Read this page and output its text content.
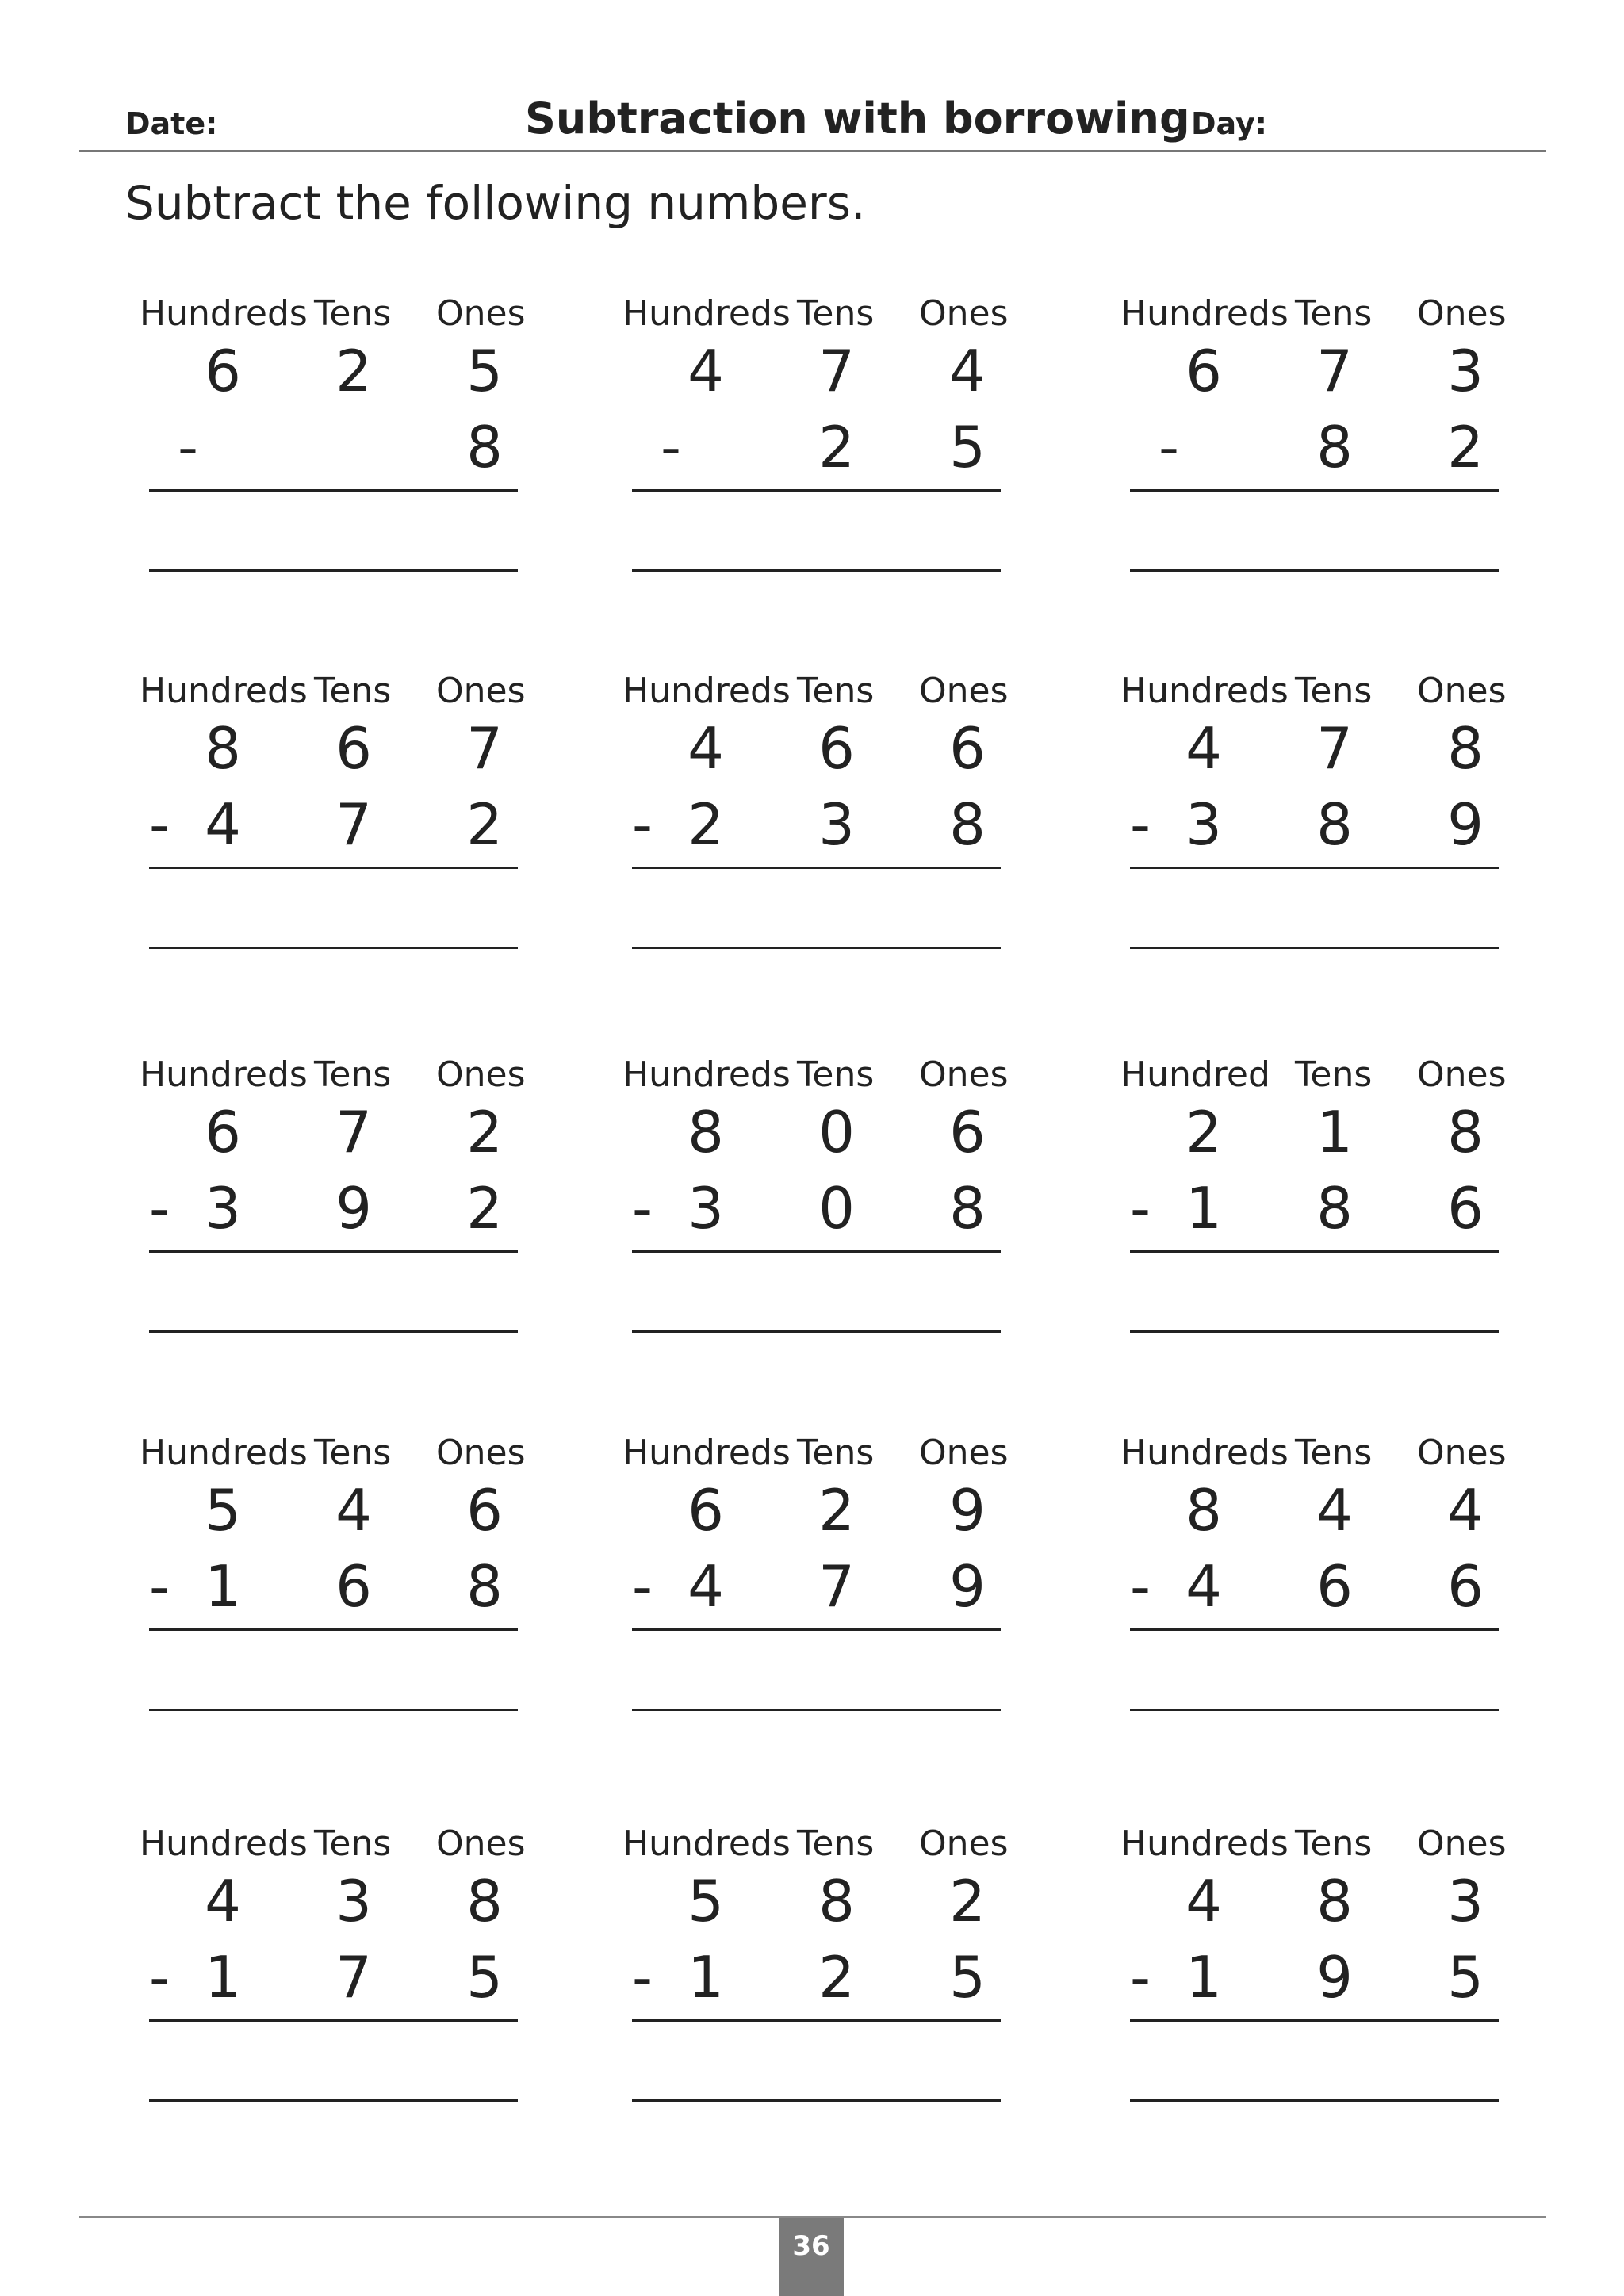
Date:	Subtraction with borrowing Day:
Subtract the following numbers.
Hundreds Tens Ones
6 2 5
8
-
Hundreds Tens Ones
4 7
2
4
5
-
Hundreds Tens Ones
6 7
8
3
2
-
Hundreds Tens Ones
8
4
6
7
7
2
-
Hundreds Tens Ones
4
2
6
3
6
8
-
Hundreds Tens Ones
4
3
7
8
8
9
-
Hundreds Tens Ones
6
3
7
9
2
2
-
Hundreds Tens Ones
8
3
0
0
6
8
-
Hundred Tens Ones
2
1
1
8
8
6
-
Hundreds Tens Ones
5
1
4
6
6
8
-
Hundreds Tens Ones
6
4
2
7
9
9
-
Hundreds Tens Ones
8
4
4
6
4
6
-
Hundreds Tens Ones
4
1
3
7
8
5
-
Hundreds Tens Ones
5
1
8
2
2
5
-
Hundreds Tens Ones
4
1
8
9
3
5
-
36
